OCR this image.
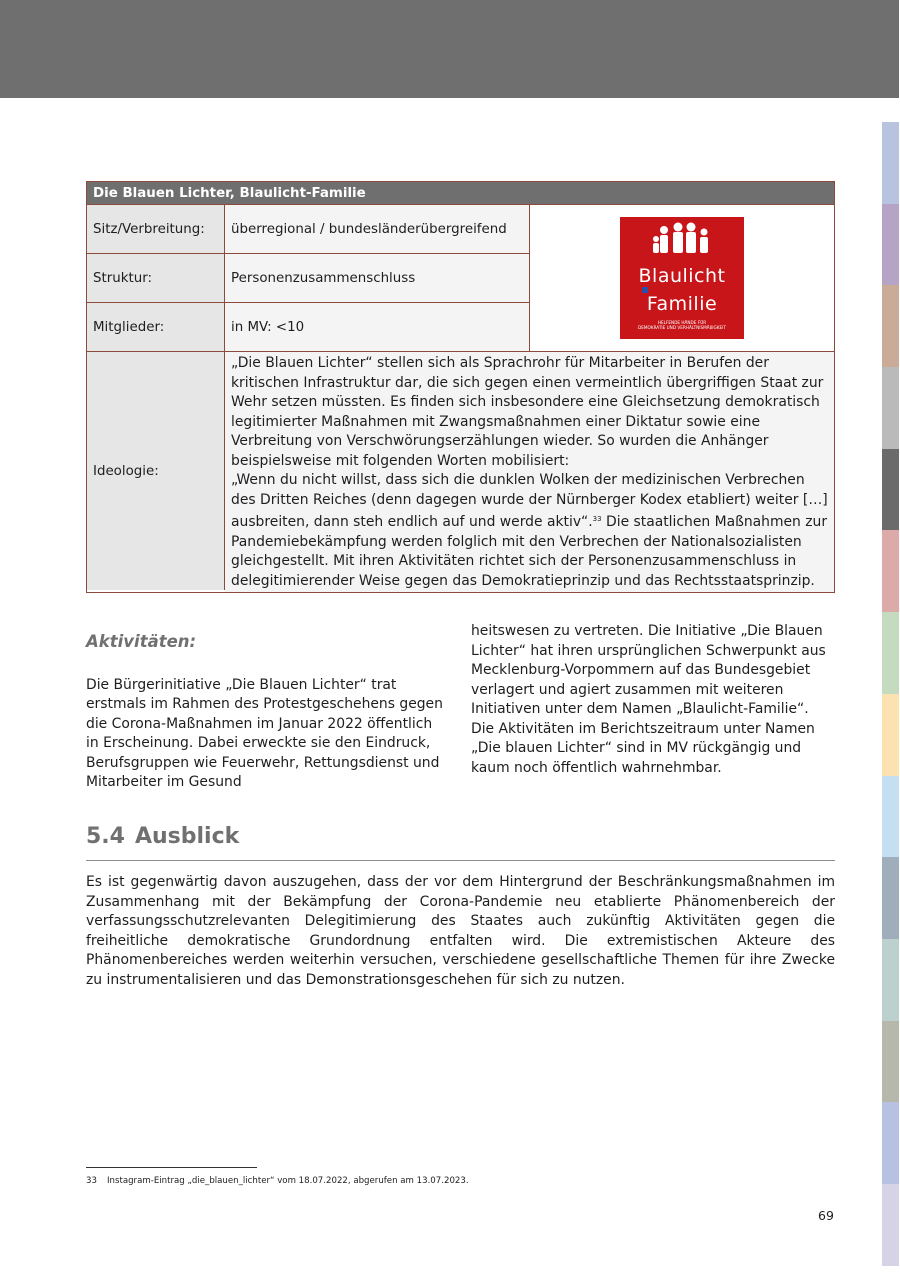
Die Blauen Lichter, Blaulicht-Familie
Sitz/Verbreitung:	überregional / bundesländerübergreifend
Struktur:	Personenzusammenschluss
Mitglieder:	in MV: <10
Blaulicht
Familie
HELFENDE HÄNDE FÜR
DEMOKRATIE UND VERHÄLTNISMÄßIGKEIT
Ideologie:

„Die Blauen Lichter“ stellen sich als Sprachrohr für Mitarbeiter in Berufen der kritischen Infrastruktur dar, die sich gegen einen vermeintlich übergriffigen Staat zur Wehr setzen müssten. Es finden sich insbesondere eine Gleichsetzung demokratisch legitimierter Maßnahmen mit Zwangsmaßnahmen einer Diktatur sowie eine Verbreitung von Verschwörungserzählungen wieder. So wurden die Anhänger beispielsweise mit folgenden Worten mobilisiert:

„Wenn du nicht willst, dass sich die dunklen Wolken der medizinischen Verbrechen des Dritten Reiches (denn dagegen wurde der Nürnberger Kodex etabliert) weiter […] ausbreiten, dann steh endlich auf und werde aktiv“.$^{33}$ Die staatlichen Maßnahmen zur Pandemiebekämpfung werden folglich mit den Verbrechen der Nationalsozialisten gleichgestellt. Mit ihren Aktivitäten richtet sich der Personenzusammenschluss in delegitimierender Weise gegen das Demokratieprinzip und das Rechtsstaatsprinzip.

Aktivitäten:
Die Bürgerinitiative „Die Blauen Lichter“ trat erstmals im Rahmen des Protestgeschehens gegen die Corona-Maßnahmen im Januar 2022 öffentlich in Erscheinung. Dabei erweckte sie den Eindruck, Berufsgruppen wie Feuerwehr, Rettungsdienst und Mitarbeiter im Gesund
heitswesen zu vertreten. Die Initiative „Die Blauen Lichter“ hat ihren ursprünglichen Schwerpunkt aus Mecklenburg-Vorpommern auf das Bundesgebiet verlagert und agiert zusammen mit weiteren Initiativen unter dem Namen „Blaulicht-Familie“. Die Aktivitäten im Berichtszeitraum unter Namen „Die blauen Lichter“ sind in MV rückgängig und kaum noch öffentlich wahrnehmbar.
5.4 Ausblick
Es ist gegenwärtig davon auszugehen, dass der vor dem Hintergrund der Beschränkungsmaßnahmen im Zusammenhang mit der Bekämpfung der Corona-Pandemie neu etablierte Phänomenbereich der verfassungsschutzrelevanten Delegitimierung des Staates auch zukünftig Aktivitäten gegen die freiheitliche demokratische Grundordnung entfalten wird. Die extremistischen Akteure des Phänomenbereiches werden weiterhin versuchen, verschiedene gesellschaftliche Themen für ihre Zwecke zu instrumentalisieren und das Demonstrationsgeschehen für sich zu nutzen.
33 Instagram-Eintrag „die_blauen_lichter“ vom 18.07.2022, abgerufen am 13.07.2023.
69
